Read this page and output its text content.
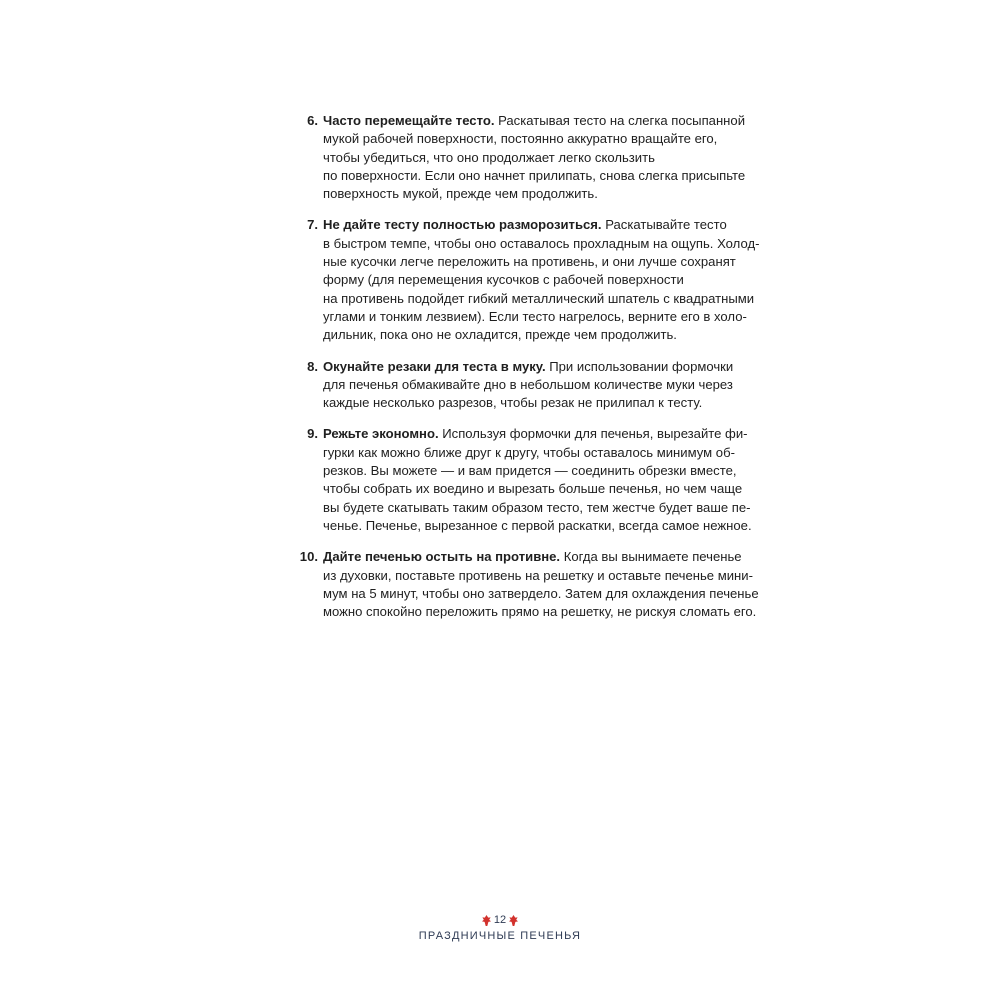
6. Часто перемещайте тесто. Раскатывая тесто на слегка посыпанной
мукой рабочей поверхности, постоянно аккуратно вращайте его,
чтобы убедиться, что оно продолжает легко скользить
по поверхности. Если оно начнет прилипать, снова слегка присыпьте
поверхность мукой, прежде чем продолжить.
7. Не дайте тесту полностью разморозиться. Раскатывайте тесто
в быстром темпе, чтобы оно оставалось прохладным на ощупь. Холод-
ные кусочки легче переложить на противень, и они лучше сохранят
форму (для перемещения кусочков с рабочей поверхности
на противень подойдет гибкий металлический шпатель с квадратными
углами и тонким лезвием). Если тесто нагрелось, верните его в холо-
дильник, пока оно не охладится, прежде чем продолжить.
8. Окунайте резаки для теста в муку. При использовании формочки
для печенья обмакивайте дно в небольшом количестве муки через
каждые несколько разрезов, чтобы резак не прилипал к тесту.
9. Режьте экономно. Используя формочки для печенья, вырезайте фи-
гурки как можно ближе друг к другу, чтобы оставалось минимум об-
резков. Вы можете — и вам придется — соединить обрезки вместе,
чтобы собрать их воедино и вырезать больше печенья, но чем чаще
вы будете скатывать таким образом тесто, тем жестче будет ваше пе-
ченье. Печенье, вырезанное с первой раскатки, всегда самое нежное.
10. Дайте печенью остыть на противне. Когда вы вынимаете печенье
из духовки, поставьте противень на решетку и оставьте печенье мини-
мум на 5 минут, чтобы оно затвердело. Затем для охлаждения печенье
можно спокойно переложить прямо на решетку, не рискуя сломать его.
12
ПРАЗДНИЧНЫЕ ПЕЧЕНЬЯ
